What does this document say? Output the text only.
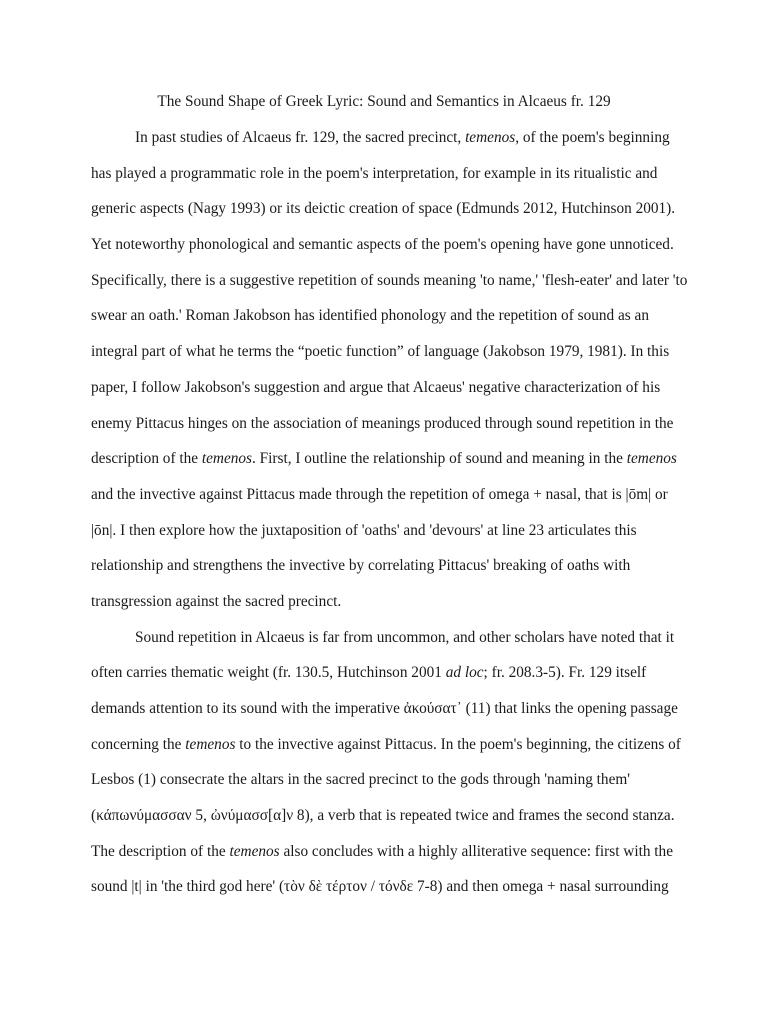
The Sound Shape of Greek Lyric: Sound and Semantics in Alcaeus fr. 129
In past studies of Alcaeus fr. 129, the sacred precinct, temenos, of the poem's beginning
has played a programmatic role in the poem's interpretation, for example in its ritualistic and
generic aspects (Nagy 1993) or its deictic creation of space (Edmunds 2012, Hutchinson 2001).
Yet noteworthy phonological and semantic aspects of the poem's opening have gone unnoticed.
Specifically, there is a suggestive repetition of sounds meaning 'to name,' 'flesh-eater' and later 'to
swear an oath.' Roman Jakobson has identified phonology and the repetition of sound as an
integral part of what he terms the “poetic function” of language (Jakobson 1979, 1981). In this
paper, I follow Jakobson's suggestion and argue that Alcaeus' negative characterization of his
enemy Pittacus hinges on the association of meanings produced through sound repetition in the
description of the temenos. First, I outline the relationship of sound and meaning in the temenos
and the invective against Pittacus made through the repetition of omega + nasal, that is |ōm| or
|ōn|. I then explore how the juxtaposition of 'oaths' and 'devours' at line 23 articulates this
relationship and strengthens the invective by correlating Pittacus' breaking of oaths with
transgression against the sacred precinct.
Sound repetition in Alcaeus is far from uncommon, and other scholars have noted that it
often carries thematic weight (fr. 130.5, Hutchinson 2001 ad loc; fr. 208.3-5). Fr. 129 itself
demands attention to its sound with the imperative ἀκούσατ᾽ (11) that links the opening passage
concerning the temenos to the invective against Pittacus. In the poem's beginning, the citizens of
Lesbos (1) consecrate the altars in the sacred precinct to the gods through 'naming them'
(κάπωνύμασσαν 5, ὠνύμασσ[α]ν 8), a verb that is repeated twice and frames the second stanza.
The description of the temenos also concludes with a highly alliterative sequence: first with the
sound |t| in 'the third god here' (τὸν δὲ τέρτον / τόνδε 7-8) and then omega + nasal surrounding
